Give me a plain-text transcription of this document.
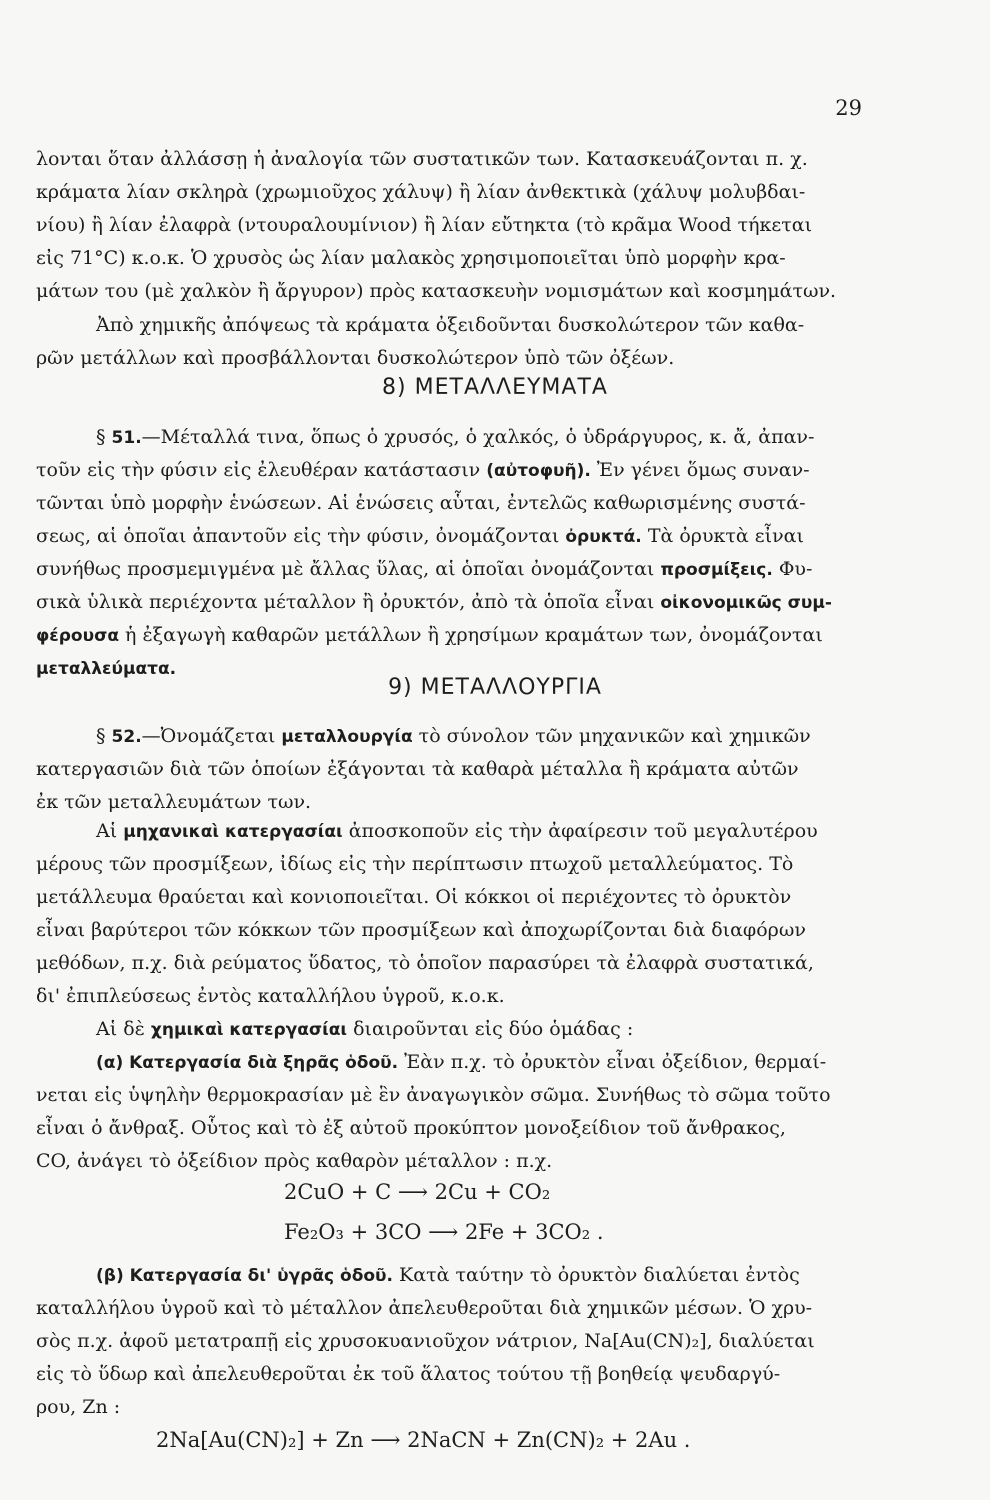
29
λονται ὅταν ἀλλάσσῃ ἡ ἀναλογία τῶν συστατικῶν των. Κατασκευάζονται π. χ.
κράματα λίαν σκληρὰ (χρωμιοῦχος χάλυψ) ἢ λίαν ἀνθεκτικὰ (χάλυψ μολυβδαι-
νίου) ἢ λίαν ἐλαφρὰ (ντουραλουμίνιον) ἢ λίαν εὔτηκτα (τὸ κρᾶμα Wood τήκεται
εἰς 71°C) κ.ο.κ. Ὁ χρυσὸς ὡς λίαν μαλακὸς χρησιμοποιεῖται ὑπὸ μορφὴν κρα-
μάτων του (μὲ χαλκὸν ἢ ἄργυρον) πρὸς κατασκευὴν νομισμάτων καὶ κοσμημάτων.
Ἀπὸ χημικῆς ἀπόψεως τὰ κράματα ὀξειδοῦνται δυσκολώτερον τῶν καθα-
ρῶν μετάλλων καὶ προσβάλλονται δυσκολώτερον ὑπὸ τῶν ὀξέων.
8) ΜΕΤΑΛΛΕΥΜΑΤΑ
§ 51.—Μέταλλά τινα, ὅπως ὁ χρυσός, ὁ χαλκός, ὁ ὑδράργυρος, κ. ἄ, ἀπαν-
τοῦν εἰς τὴν φύσιν εἰς ἐλευθέραν κατάστασιν (αὐτοφυῆ). Ἐν γένει ὅμως συναν-
τῶνται ὑπὸ μορφὴν ἑνώσεων. Αἱ ἑνώσεις αὗται, ἐντελῶς καθωρισμένης συστά-
σεως, αἱ ὁποῖαι ἀπαντοῦν εἰς τὴν φύσιν, ὀνομάζονται ὀρυκτά. Τὰ ὀρυκτὰ εἶναι
συνήθως προσμεμιγμένα μὲ ἄλλας ὕλας, αἱ ὁποῖαι ὀνομάζονται προσμίξεις. Φυ-
σικὰ ὑλικὰ περιέχοντα μέταλλον ἢ ὀρυκτόν, ἀπὸ τὰ ὁποῖα εἶναι οἰκονομικῶς συμ-
φέρουσα ἡ ἐξαγωγὴ καθαρῶν μετάλλων ἢ χρησίμων κραμάτων των, ὀνομάζονται
μεταλλεύματα.
9) ΜΕΤΑΛΛΟΥΡΓΙΑ
§ 52.—Ὀνομάζεται μεταλλουργία τὸ σύνολον τῶν μηχανικῶν καὶ χημικῶν
κατεργασιῶν διὰ τῶν ὁποίων ἐξάγονται τὰ καθαρὰ μέταλλα ἢ κράματα αὐτῶν
ἐκ τῶν μεταλλευμάτων των.
Αἱ μηχανικαὶ κατεργασίαι ἀποσκοποῦν εἰς τὴν ἀφαίρεσιν τοῦ μεγαλυτέρου
μέρους τῶν προσμίξεων, ἰδίως εἰς τὴν περίπτωσιν πτωχοῦ μεταλλεύματος. Τὸ
μετάλλευμα θραύεται καὶ κονιοποιεῖται. Οἱ κόκκοι οἱ περιέχοντες τὸ ὀρυκτὸν
εἶναι βαρύτεροι τῶν κόκκων τῶν προσμίξεων καὶ ἀποχωρίζονται διὰ διαφόρων
μεθόδων, π.χ. διὰ ρεύματος ὕδατος, τὸ ὁποῖον παρασύρει τὰ ἐλαφρὰ συστατικά,
δι' ἐπιπλεύσεως ἐντὸς καταλλήλου ὑγροῦ, κ.ο.κ.
Αἱ δὲ χημικαὶ κατεργασίαι διαιροῦνται εἰς δύο ὁμάδας :
(α) Κατεργασία διὰ ξηρᾶς ὁδοῦ. Ἐὰν π.χ. τὸ ὀρυκτὸν εἶναι ὀξείδιον, θερμαί-
νεται εἰς ὑψηλὴν θερμοκρασίαν μὲ ἓν ἀναγωγικὸν σῶμα. Συνήθως τὸ σῶμα τοῦτο
εἶναι ὁ ἄνθραξ. Οὗτος καὶ τὸ ἐξ αὐτοῦ προκύπτον μονοξείδιον τοῦ ἄνθρακος,
CO, ἀνάγει τὸ ὀξείδιον πρὸς καθαρὸν μέταλλον : π.χ.
2CuO + C ⟶ 2Cu + CO₂
Fe₂O₃ + 3CO ⟶ 2Fe + 3CO₂ .
(β) Κατεργασία δι' ὑγρᾶς ὁδοῦ. Κατὰ ταύτην τὸ ὀρυκτὸν διαλύεται ἐντὸς
καταλλήλου ὑγροῦ καὶ τὸ μέταλλον ἀπελευθεροῦται διὰ χημικῶν μέσων. Ὁ χρυ-
σὸς π.χ. ἀφοῦ μετατραπῇ εἰς χρυσοκυανιοῦχον νάτριον, Na[Au(CN)₂], διαλύεται
εἰς τὸ ὕδωρ καὶ ἀπελευθεροῦται ἐκ τοῦ ἅλατος τούτου τῇ βοηθείᾳ ψευδαργύ-
ρου, Zn :
2Na[Au(CN)₂] + Zn ⟶ 2NaCN + Zn(CN)₂ + 2Au .
